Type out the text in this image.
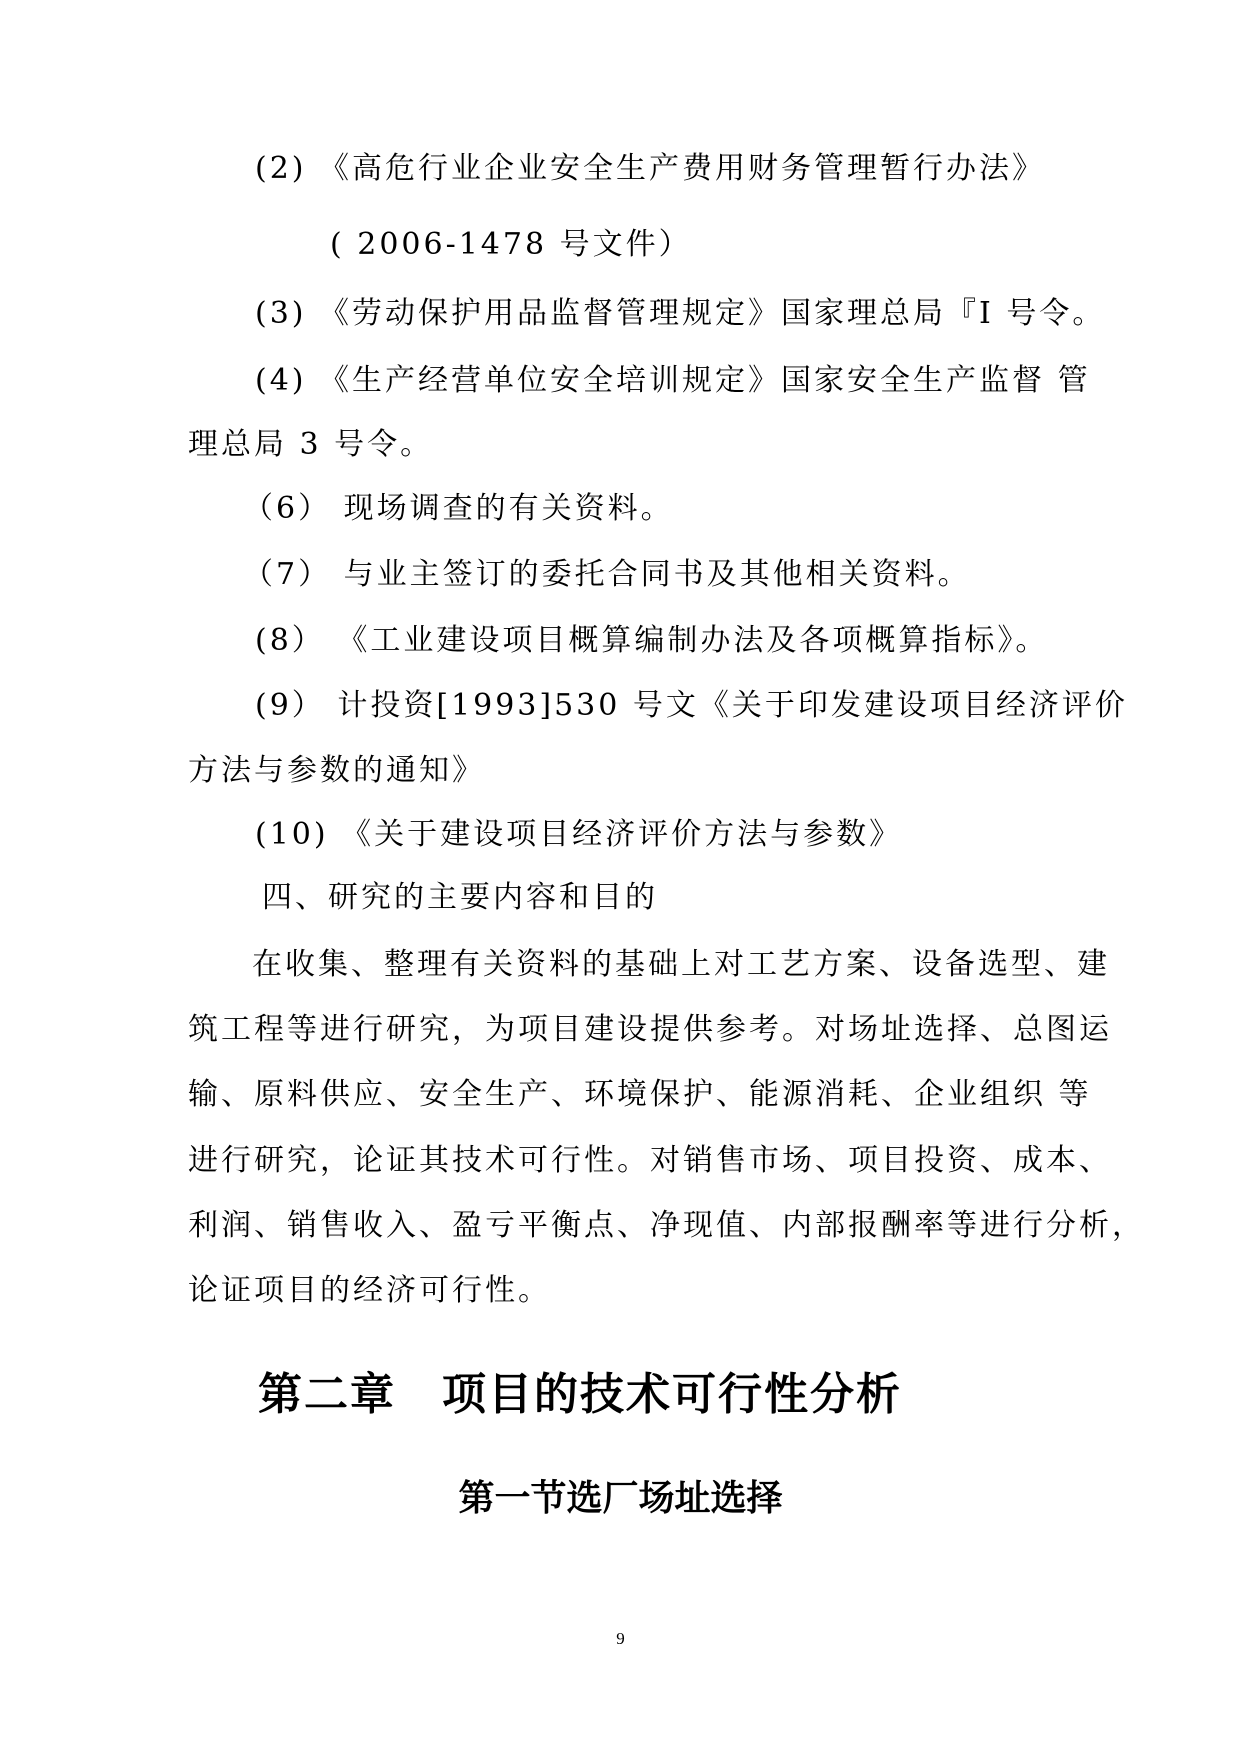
(2) 《高危行业企业安全生产费用财务管理暂行办法》
( 2006-1478 号文件）
(3) 《劳动保护用品监督管理规定》国家理总局『I 号令。
(4) 《生产经营单位安全培训规定》国家安全生产监督 管
理总局 3 号令。
（6） 现场调查的有关资料。
（7） 与业主签订的委托合同书及其他相关资料。
(8） 《工业建设项目概算编制办法及各项概算指标》。
(9） 计投资[1993]530 号文《关于印发建设项目经济评价
方法与参数的通知》
(10) 《关于建设项目经济评价方法与参数》
四、研究的主要内容和目的
在收集、整理有关资料的基础上对工艺方案、设备选型、建
筑工程等进行研究，为项目建设提供参考。对场址选择、总图运
输、原料供应、安全生产、环境保护、能源消耗、企业组织 等
进行研究，论证其技术可行性。对销售市场、项目投资、成本、
利润、销售收入、盈亏平衡点、净现值、内部报酬率等进行分析，
论证项目的经济可行性。
第二章　项目的技术可行性分析
第一节选厂场址选择
9
